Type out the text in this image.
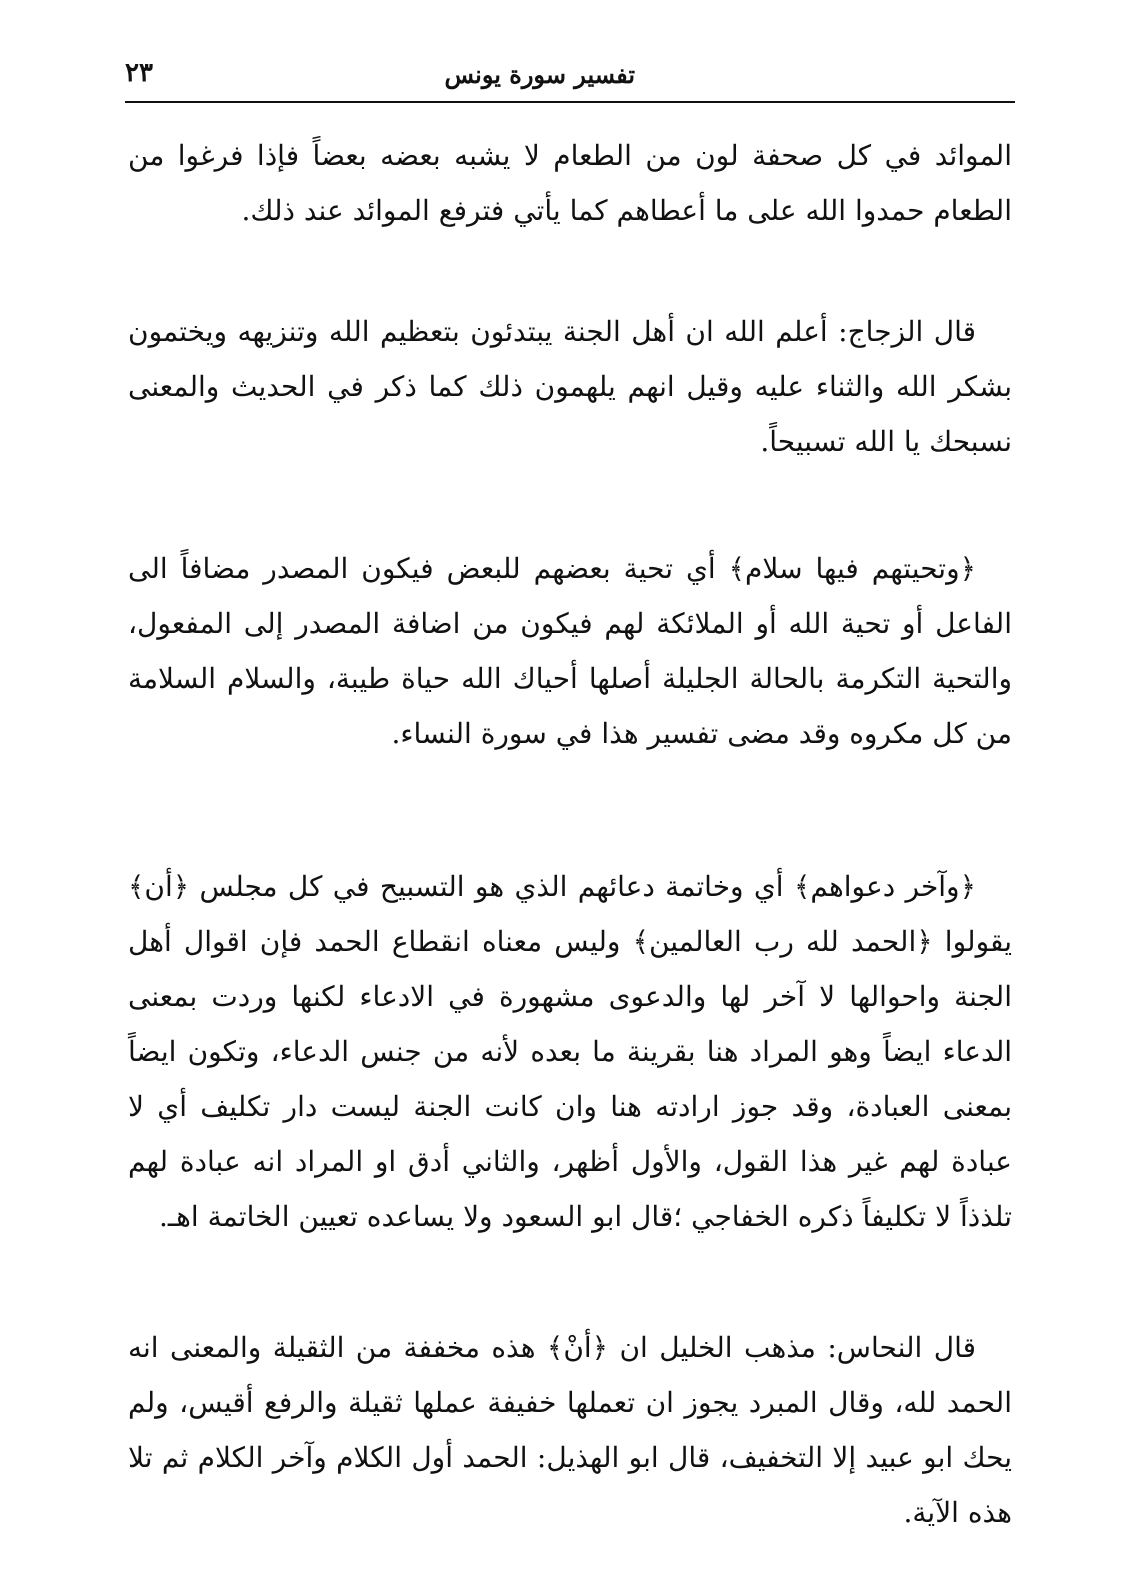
تفسير سورة يونس
٢٣

الموائد في كل صحفة لون من الطعام لا يشبه بعضه بعضاً فإذا فرغوا من الطعام حمدوا الله على ما أعطاهم كما يأتي فترفع الموائد عند ذلك.

قال الزجاج: أعلم الله ان أهل الجنة يبتدئون بتعظيم الله وتنزيهه ويختمون بشكر الله والثناء عليه وقيل انهم يلهمون ذلك كما ذكر في الحديث والمعنى نسبحك يا الله تسبيحاً.

﴿وتحيتهم فيها سلام﴾ أي تحية بعضهم للبعض فيكون المصدر مضافاً الى الفاعل أو تحية الله أو الملائكة لهم فيكون من اضافة المصدر إلى المفعول، والتحية التكرمة بالحالة الجليلة أصلها أحياك الله حياة طيبة، والسلام السلامة من كل مكروه وقد مضى تفسير هذا في سورة النساء.

﴿وآخر دعواهم﴾ أي وخاتمة دعائهم الذي هو التسبيح في كل مجلس ﴿أن﴾ يقولوا ﴿الحمد لله رب العالمين﴾ وليس معناه انقطاع الحمد فإن اقوال أهل الجنة واحوالها لا آخر لها والدعوى مشهورة في الادعاء لكنها وردت بمعنى الدعاء ايضاً وهو المراد هنا بقرينة ما بعده لأنه من جنس الدعاء، وتكون ايضاً بمعنى العبادة، وقد جوز ارادته هنا وان كانت الجنة ليست دار تكليف أي لا عبادة لهم غير هذا القول، والأول أظهر، والثاني أدق او المراد انه عبادة لهم تلذذاً لا تكليفاً ذكره الخفاجي ؛قال ابو السعود ولا يساعده تعيين الخاتمة اهـ.

قال النحاس: مذهب الخليل ان ﴿أنْ﴾ هذه مخففة من الثقيلة والمعنى انه الحمد لله، وقال المبرد يجوز ان تعملها خفيفة عملها ثقيلة والرفع أقيس، ولم يحك ابو عبيد إلا التخفيف، قال ابو الهذيل: الحمد أول الكلام وآخر الكلام ثم تلا هذه الآية.
